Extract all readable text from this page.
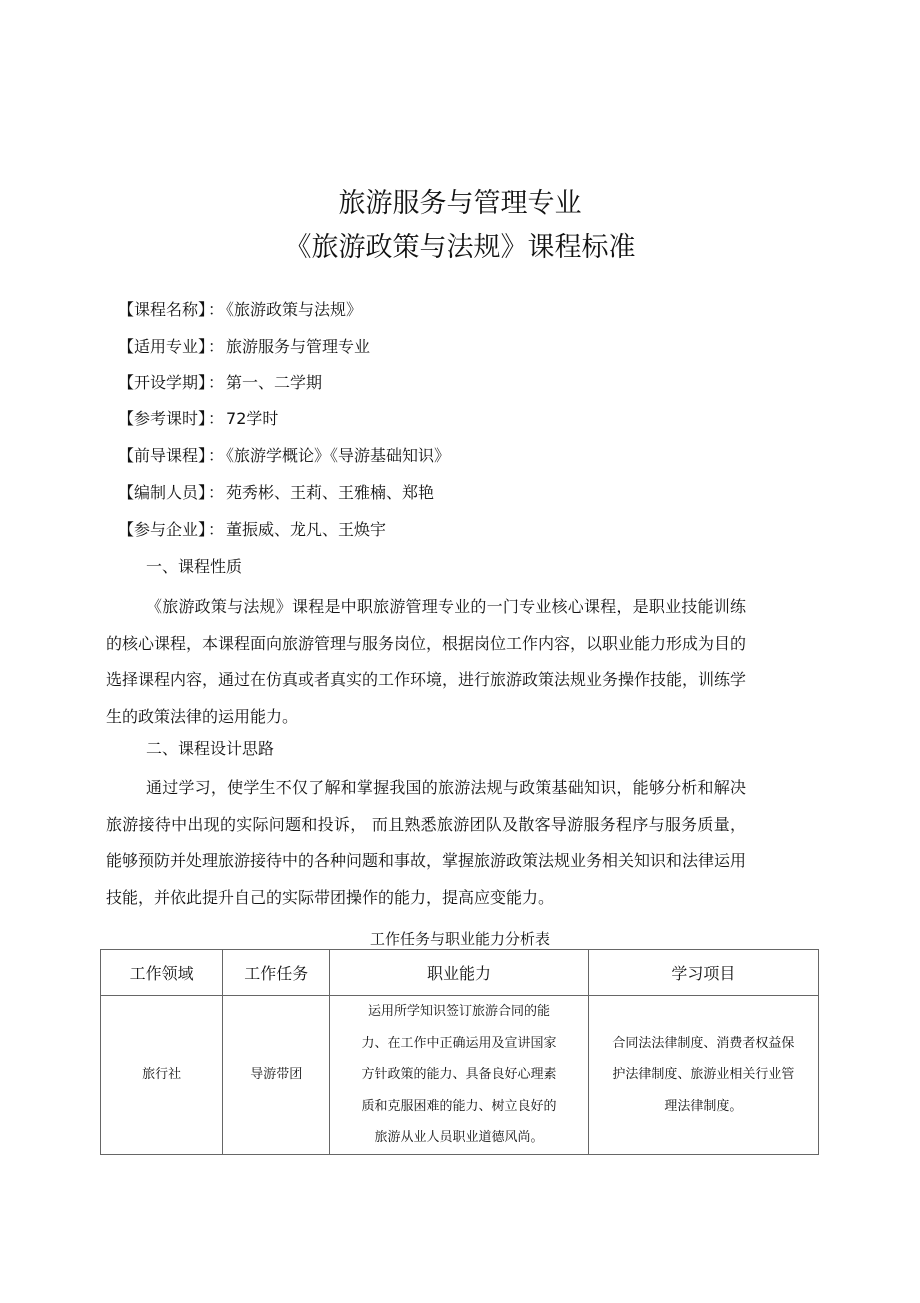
旅游服务与管理专业
《旅游政策与法规》课程标准
【课程名称】 ： 《旅游政策与法规》
【适用专业】 ： 旅游服务与管理专业
【开设学期】 ： 第一、二学期
【参考课时】 ： 72学时
【前导课程】 ： 《旅游学概论》《导游基础知识》
【编制人员】 ： 苑秀彬、王莉、王雅楠、郑艳
【参与企业】 ： 董振威、龙凡、王焕宇
一、课程性质
《旅游政策与法规》课程是中职旅游管理专业的一门专业核心课程，是职业技能训练的核心课程，本课程面向旅游管理与服务岗位，根据岗位工作内容，以职业能力形成为目的选择课程内容，通过在仿真或者真实的工作环境，进行旅游政策法规业务操作技能，训练学生的政策法律的运用能力。
二、课程设计思路
通过学习，使学生不仅了解和掌握我国的旅游法规与政策基础知识，能够分析和解决旅游接待中出现的实际问题和投诉， 而且熟悉旅游团队及散客导游服务程序与服务质量，能够预防并处理旅游接待中的各种问题和事故，掌握旅游政策法规业务相关知识和法律运用技能，并依此提升自己的实际带团操作的能力，提高应变能力。
工作任务与职业能力分析表
工作领域	工作任务	职业能力	学习项目
旅行社	导游带团	运用所学知识签订旅游合同的能力、在工作中正确运用及宣讲国家方针政策的能力、具备良好心理素质和克服困难的能力、树立良好的旅游从业人员职业道德风尚。	合同法法律制度、消费者权益保护法律制度、旅游业相关行业管理法律制度。
